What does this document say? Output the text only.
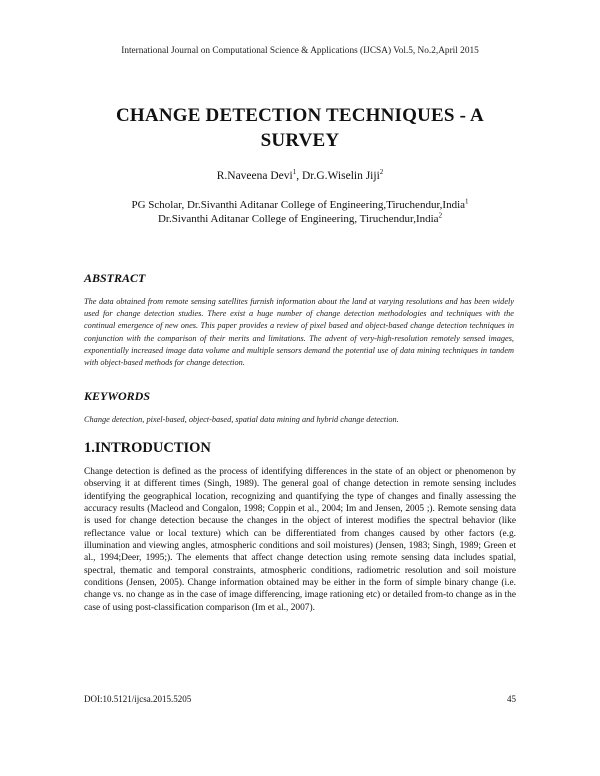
International Journal on Computational Science & Applications (IJCSA) Vol.5, No.2,April 2015
CHANGE DETECTION TECHNIQUES - A
SURVEY
R.Naveena Devi$^1$, Dr.G.Wiselin Jiji$^2$
PG Scholar, Dr.Sivanthi Aditanar College of Engineering,Tiruchendur,India$^1$
Dr.Sivanthi Aditanar College of Engineering, Tiruchendur,India$^2$
ABSTRACT
The data obtained from remote sensing satellites furnish information about the land at varying resolutions and has been widely used for change detection studies. There exist a huge number of change detection methodologies and techniques with the continual emergence of new ones. This paper provides a review of pixel based and object-based change detection techniques in conjunction with the comparison of their merits and limitations. The advent of very-high-resolution remotely sensed images, exponentially increased image data volume and multiple sensors demand the potential use of data mining techniques in tandem with object-based methods for change detection.
KEYWORDS
Change detection, pixel-based, object-based, spatial data mining and hybrid change detection.
1.INTRODUCTION
Change detection is defined as the process of identifying differences in the state of an object or phenomenon by observing it at different times (Singh, 1989). The general goal of change detection in remote sensing includes identifying the geographical location, recognizing and quantifying the type of changes and finally assessing the accuracy results (Macleod and Congalon, 1998; Coppin et al., 2004; Im and Jensen, 2005 ;). Remote sensing data is used for change detection because the changes in the object of interest modifies the spectral behavior (like reflectance value or local texture) which can be differentiated from changes caused by other factors (e.g. illumination and viewing angles, atmospheric conditions and soil moistures) (Jensen, 1983; Singh, 1989; Green et al., 1994;Deer, 1995;). The elements that affect change detection using remote sensing data includes spatial, spectral, thematic and temporal constraints, atmospheric conditions, radiometric resolution and soil moisture conditions (Jensen, 2005). Change information obtained may be either in the form of simple binary change (i.e. change vs. no change as in the case of image differencing, image rationing etc) or detailed from-to change as in the case of using post-classification comparison (Im et al., 2007).
DOI:10.5121/ijcsa.2015.5205	45
